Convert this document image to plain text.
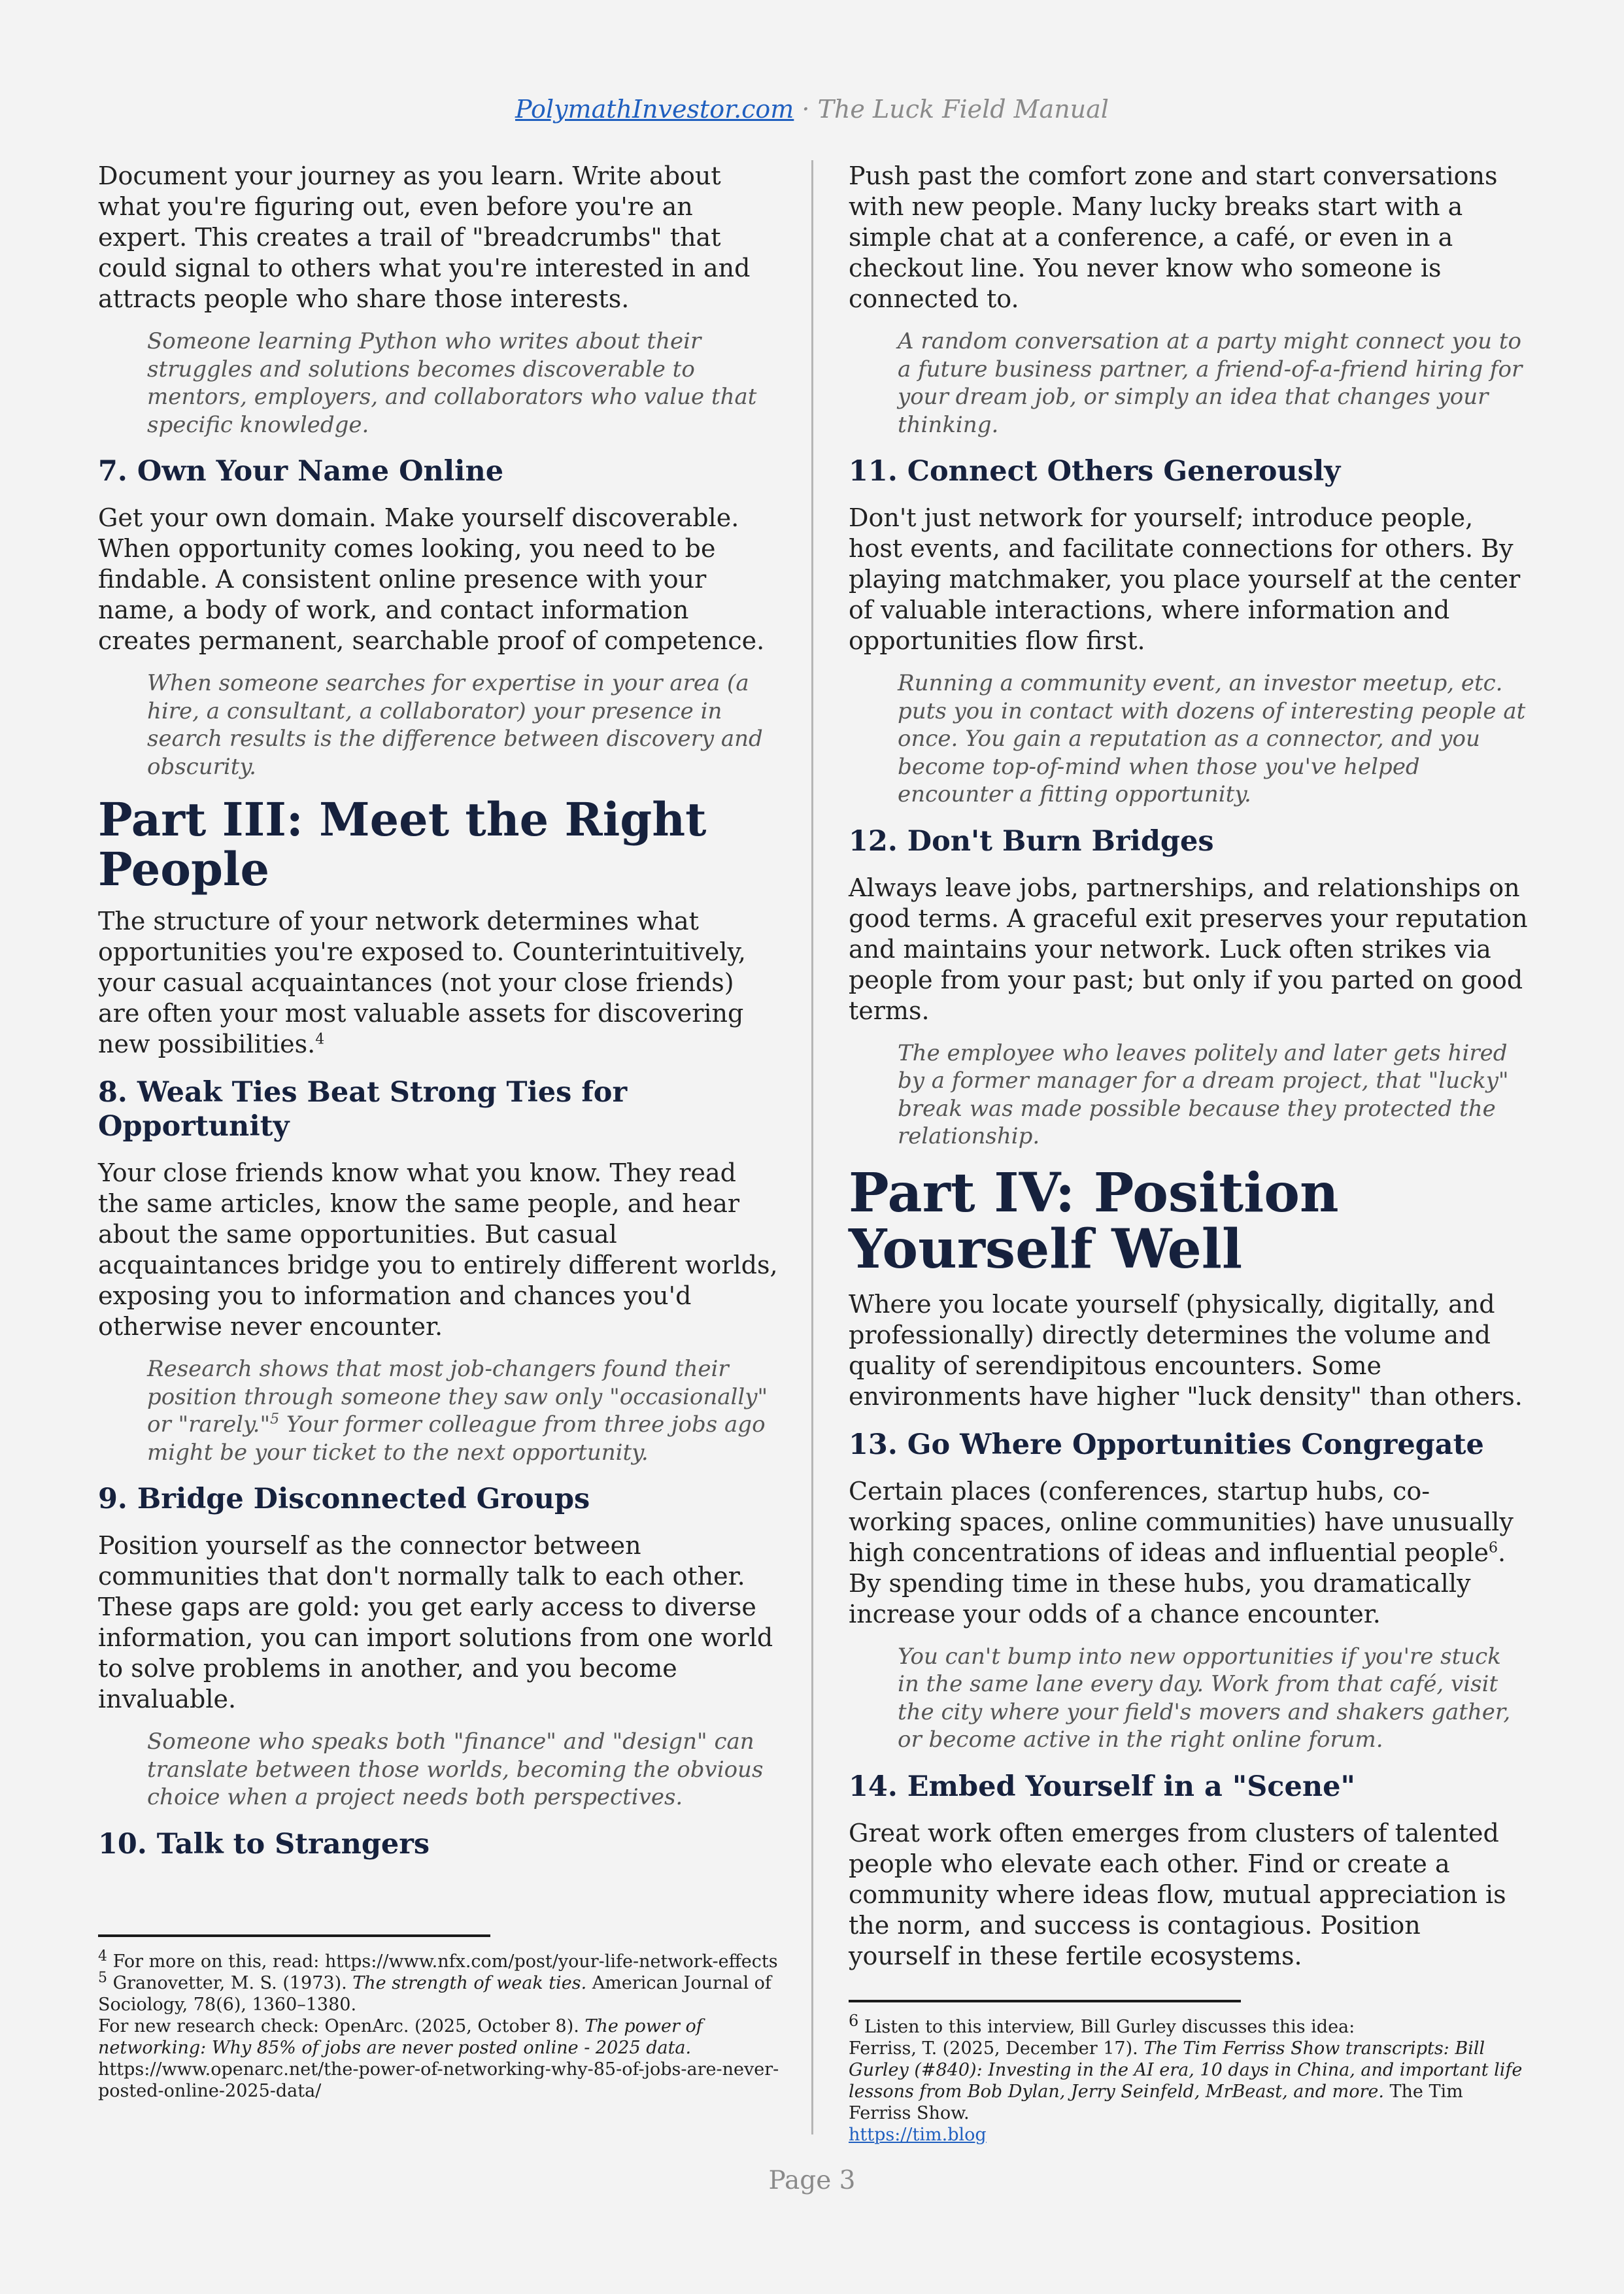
PolymathInvestor.com · The Luck Field Manual

Document your journey as you learn. Write about what you're figuring out, even before you're an expert. This creates a trail of "breadcrumbs" that could signal to others what you're interested in and attracts people who share those interests.

Someone learning Python who writes about their struggles and solutions becomes discoverable to mentors, employers, and collaborators who value that specific knowledge.
7. Own Your Name Online

Get your own domain. Make yourself discoverable. When opportunity comes looking, you need to be findable. A consistent online presence with your name, a body of work, and contact information creates permanent, searchable proof of competence.

When someone searches for expertise in your area (a hire, a consultant, a collaborator) your presence in search results is the difference between discovery and obscurity.
Part III: Meet the Right People

The structure of your network determines what opportunities you're exposed to. Counterintuitively, your casual acquaintances (not your close friends) are often your most valuable assets for discovering new possibilities.$^4$

8. Weak Ties Beat Strong Ties for Opportunity

Your close friends know what you know. They read the same articles, know the same people, and hear about the same opportunities. But casual acquaintances bridge you to entirely different worlds, exposing you to information and chances you'd otherwise never encounter.

Research shows that most job-changers found their position through someone they saw only "occasionally" or "rarely."$^5$ Your former colleague from three jobs ago might be your ticket to the next opportunity.
9. Bridge Disconnected Groups

Position yourself as the connector between communities that don't normally talk to each other. These gaps are gold: you get early access to diverse information, you can import solutions from one world to solve problems in another, and you become invaluable.

Someone who speaks both "finance" and "design" can translate between those worlds, becoming the obvious choice when a project needs both perspectives.
10. Talk to Strangers
$^4$ For more on this, read: https://www.nfx.com/post/your-life-network-effects
$^5$ Granovetter, M. S. (1973). The strength of weak ties. American Journal of Sociology, 78(6), 1360–1380.
For new research check: OpenArc. (2025, October 8). The power of networking: Why 85% of jobs are never posted online - 2025 data.
https://www.openarc.net/the-power-of-networking-why-85-of-jobs-are-never-posted-online-2025-data/

Push past the comfort zone and start conversations with new people. Many lucky breaks start with a simple chat at a conference, a café, or even in a checkout line. You never know who someone is connected to.

A random conversation at a party might connect you to a future business partner, a friend-of-a-friend hiring for your dream job, or simply an idea that changes your thinking.
11. Connect Others Generously

Don't just network for yourself; introduce people, host events, and facilitate connections for others. By playing matchmaker, you place yourself at the center of valuable interactions, where information and opportunities flow first.

Running a community event, an investor meetup, etc. puts you in contact with dozens of interesting people at once. You gain a reputation as a connector, and you become top-of-mind when those you've helped encounter a fitting opportunity.
12. Don't Burn Bridges

Always leave jobs, partnerships, and relationships on good terms. A graceful exit preserves your reputation and maintains your network. Luck often strikes via people from your past; but only if you parted on good terms.

The employee who leaves politely and later gets hired by a former manager for a dream project, that "lucky" break was made possible because they protected the relationship.
Part IV: Position Yourself Well

Where you locate yourself (physically, digitally, and professionally) directly determines the volume and quality of serendipitous encounters. Some environments have higher "luck density" than others.

13. Go Where Opportunities Congregate

Certain places (conferences, startup hubs, co-working spaces, online communities) have unusually high concentrations of ideas and influential people$^6$. By spending time in these hubs, you dramatically increase your odds of a chance encounter.

You can't bump into new opportunities if you're stuck in the same lane every day. Work from that café, visit the city where your field's movers and shakers gather, or become active in the right online forum.
14. Embed Yourself in a "Scene"

Great work often emerges from clusters of talented people who elevate each other. Find or create a community where ideas flow, mutual appreciation is the norm, and success is contagious. Position yourself in these fertile ecosystems.

$^6$ Listen to this interview, Bill Gurley discusses this idea:
Ferriss, T. (2025, December 17). The Tim Ferriss Show transcripts: Bill Gurley (#840): Investing in the AI era, 10 days in China, and important life lessons from Bob Dylan, Jerry Seinfeld, MrBeast, and more. The Tim Ferriss Show.
https://tim.blog
Page 3
